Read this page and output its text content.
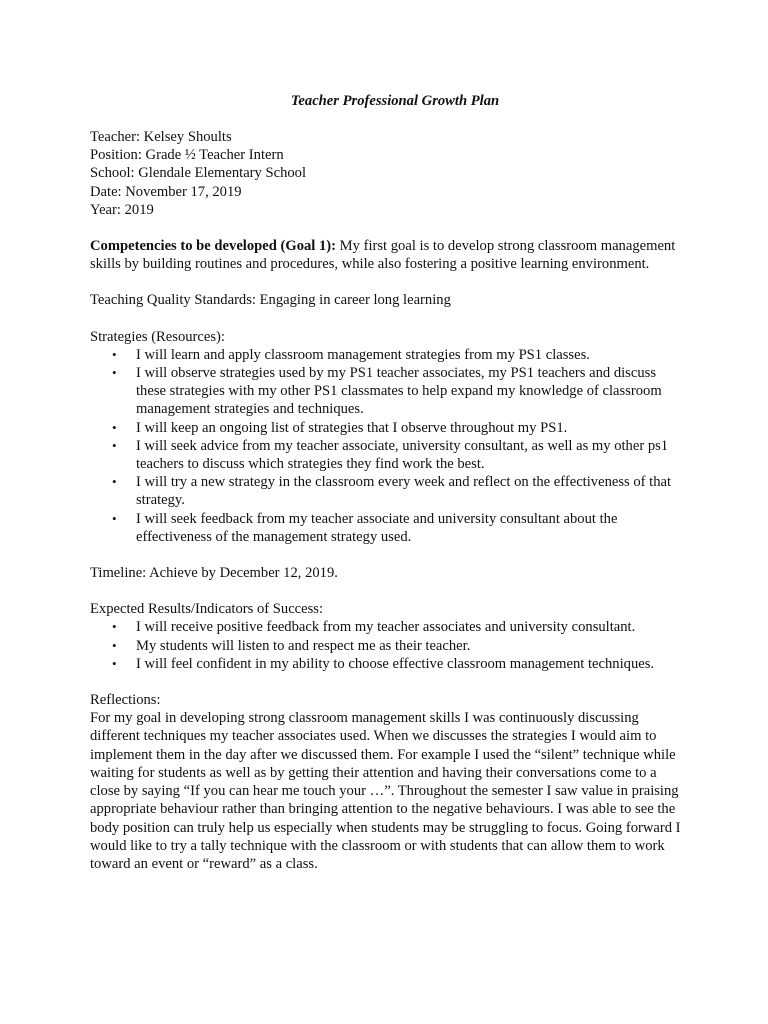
Teacher Professional Growth Plan
Teacher: Kelsey Shoults
Position: Grade ½ Teacher Intern
School: Glendale Elementary School
Date: November 17, 2019
Year: 2019

Competencies to be developed (Goal 1): My first goal is to develop strong classroom management skills by building routines and procedures, while also fostering a positive learning environment.

Teaching Quality Standards: Engaging in career long learning
Strategies (Resources):
• I will learn and apply classroom management strategies from my PS1 classes.
• I will observe strategies used by my PS1 teacher associates, my PS1 teachers and discuss these strategies with my other PS1 classmates to help expand my knowledge of classroom management strategies and techniques.
• I will keep an ongoing list of strategies that I observe throughout my PS1.
• I will seek advice from my teacher associate, university consultant, as well as my other ps1 teachers to discuss which strategies they find work the best.
• I will try a new strategy in the classroom every week and reflect on the effectiveness of that strategy.
• I will seek feedback from my teacher associate and university consultant about the effectiveness of the management strategy used.
Timeline: Achieve by December 12, 2019.
Expected Results/Indicators of Success:
• I will receive positive feedback from my teacher associates and university consultant.
• My students will listen to and respect me as their teacher.
• I will feel confident in my ability to choose effective classroom management techniques.
Reflections:

For my goal in developing strong classroom management skills I was continuously discussing different techniques my teacher associates used. When we discusses the strategies I would aim to implement them in the day after we discussed them. For example I used the “silent” technique while waiting for students as well as by getting their attention and having their conversations come to a close by saying “If you can hear me touch your …”. Throughout the semester I saw value in praising appropriate behaviour rather than bringing attention to the negative behaviours. I was able to see the body position can truly help us especially when students may be struggling to focus. Going forward I would like to try a tally technique with the classroom or with students that can allow them to work toward an event or “reward” as a class.
